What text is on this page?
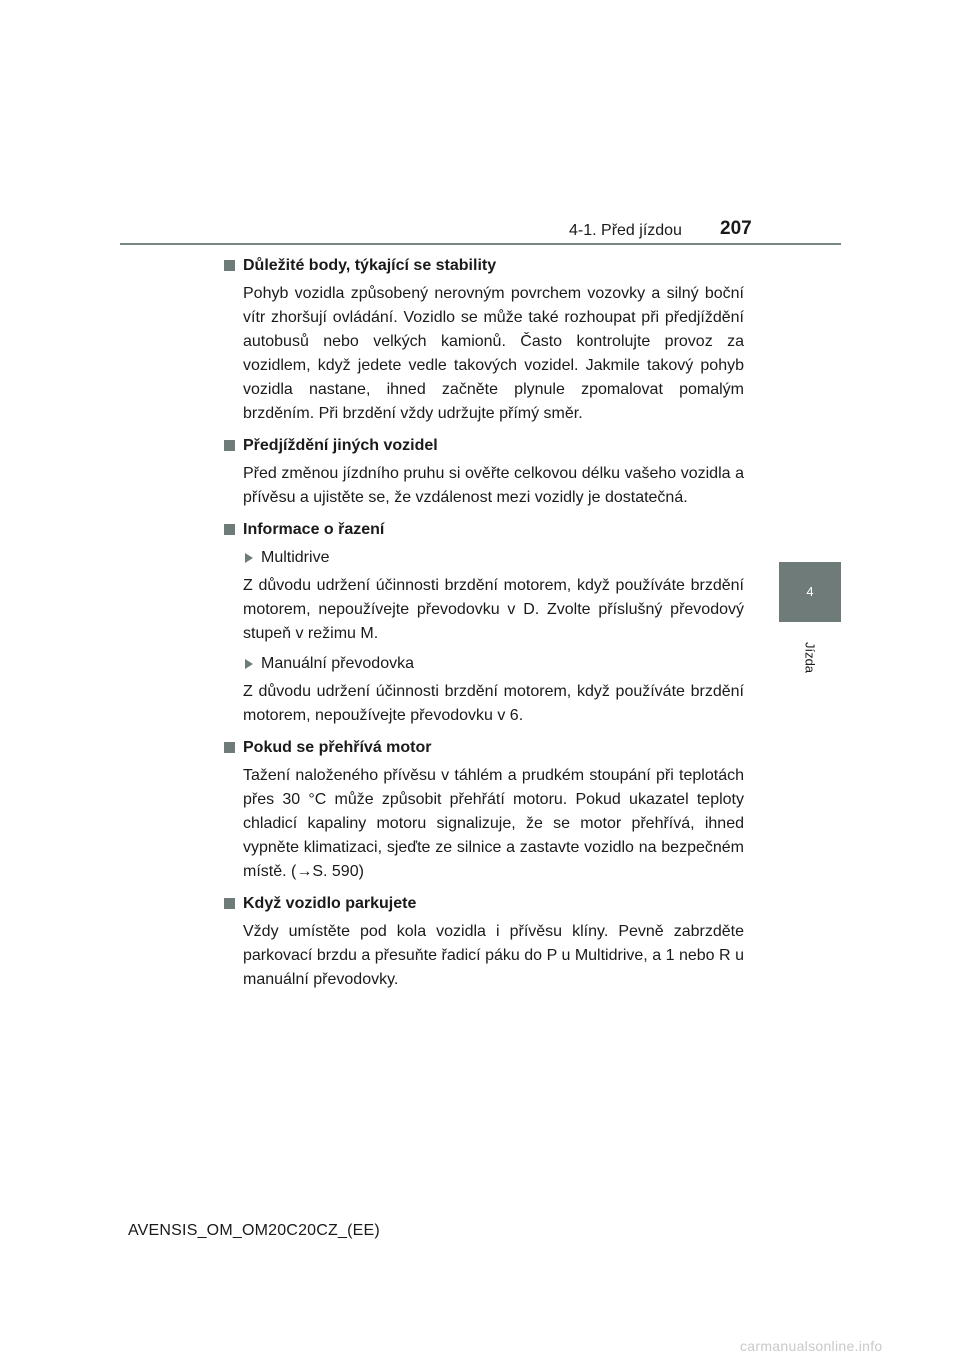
4-1. Před jízdou 207
4
Jízda
Důležité body, týkající se stability

Pohyb vozidla způsobený nerovným povrchem vozovky a silný boční vítr zhoršují ovládání. Vozidlo se může také rozhoupat při předjíždění autobusů nebo velkých kamionů. Často kontrolujte provoz za vozidlem, když jedete vedle takových vozidel. Jakmile takový pohyb vozidla nastane, ihned začněte plynule zpomalovat pomalým brzděním. Při brzdění vždy udržujte přímý směr.

Předjíždění jiných vozidel

Před změnou jízdního pruhu si ověřte celkovou délku vašeho vozidla a přívěsu a ujistěte se, že vzdálenost mezi vozidly je dostatečná.

Informace o řazení
Multidrive

Z důvodu udržení účinnosti brzdění motorem, když používáte brzdění motorem, nepoužívejte převodovku v D. Zvolte příslušný převodový stupeň v režimu M.

Manuální převodovka

Z důvodu udržení účinnosti brzdění motorem, když používáte brzdění motorem, nepoužívejte převodovku v 6.

Pokud se přehřívá motor

Tažení naloženého přívěsu v táhlém a prudkém stoupání při teplotách přes 30 °C může způsobit přehřátí motoru. Pokud ukazatel teploty chladicí kapaliny motoru signalizuje, že se motor přehřívá, ihned vypněte klimatizaci, sjeďte ze silnice a zastavte vozidlo na bezpečném místě. (→S. 590)

Když vozidlo parkujete

Vždy umístěte pod kola vozidla i přívěsu klíny. Pevně zabrzděte parkovací brzdu a přesuňte řadicí páku do P u Multidrive, a 1 nebo R u manuální převodovky.

AVENSIS_OM_OM20C20CZ_(EE)
carmanualsonline.info
